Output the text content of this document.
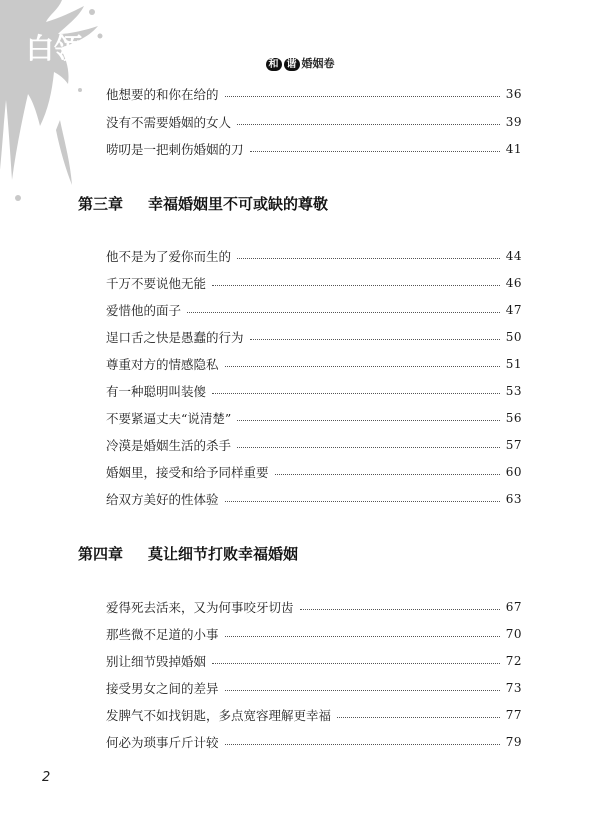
白领	和 谐 婚姻卷
他想要的和你在给的	36
没有不需要婚姻的女人	39
唠叨是一把刺伤婚姻的刀	41
第三章 幸福婚姻里不可或缺的尊敬
他不是为了爱你而生的	44
千万不要说他无能	46
爱惜他的面子	47
逞口舌之快是愚蠢的行为	50
尊重对方的情感隐私	51
有一种聪明叫装傻	53
不要紧逼丈夫“说清楚”	56
冷漠是婚姻生活的杀手	57
婚姻里，接受和给予同样重要	60
给双方美好的性体验	63
第四章 莫让细节打败幸福婚姻
爱得死去活来，又为何事咬牙切齿	67
那些微不足道的小事	70
别让细节毁掉婚姻	72
接受男女之间的差异	73
发脾气不如找钥匙，多点宽容理解更幸福	77
何必为琐事斤斤计较	79
2
